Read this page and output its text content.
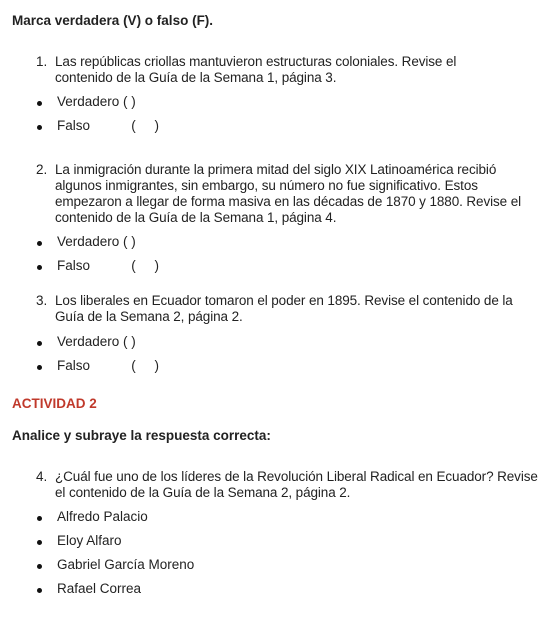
Marca verdadera (V) o falso (F).
1. Las repúblicas criollas mantuvieron estructuras coloniales. Revise el
contenido de la Guía de la Semana 1, página 3.
Verdadero ( )
Falso           (     )
2. La inmigración durante la primera mitad del siglo XIX Latinoamérica recibió
algunos inmigrantes, sin embargo, su número no fue significativo. Estos
empezaron a llegar de forma masiva en las décadas de 1870 y 1880. Revise el
contenido de la Guía de la Semana 1, página 4.
Verdadero ( )
Falso           (     )
3. Los liberales en Ecuador tomaron el poder en 1895. Revise el contenido de la
Guía de la Semana 2, página 2.
Verdadero ( )
Falso           (     )
ACTIVIDAD 2
Analice y subraye la respuesta correcta:
4. ¿Cuál fue uno de los líderes de la Revolución Liberal Radical en Ecuador? Revise
el contenido de la Guía de la Semana 2, página 2.
Alfredo Palacio
Eloy Alfaro
Gabriel García Moreno
Rafael Correa
